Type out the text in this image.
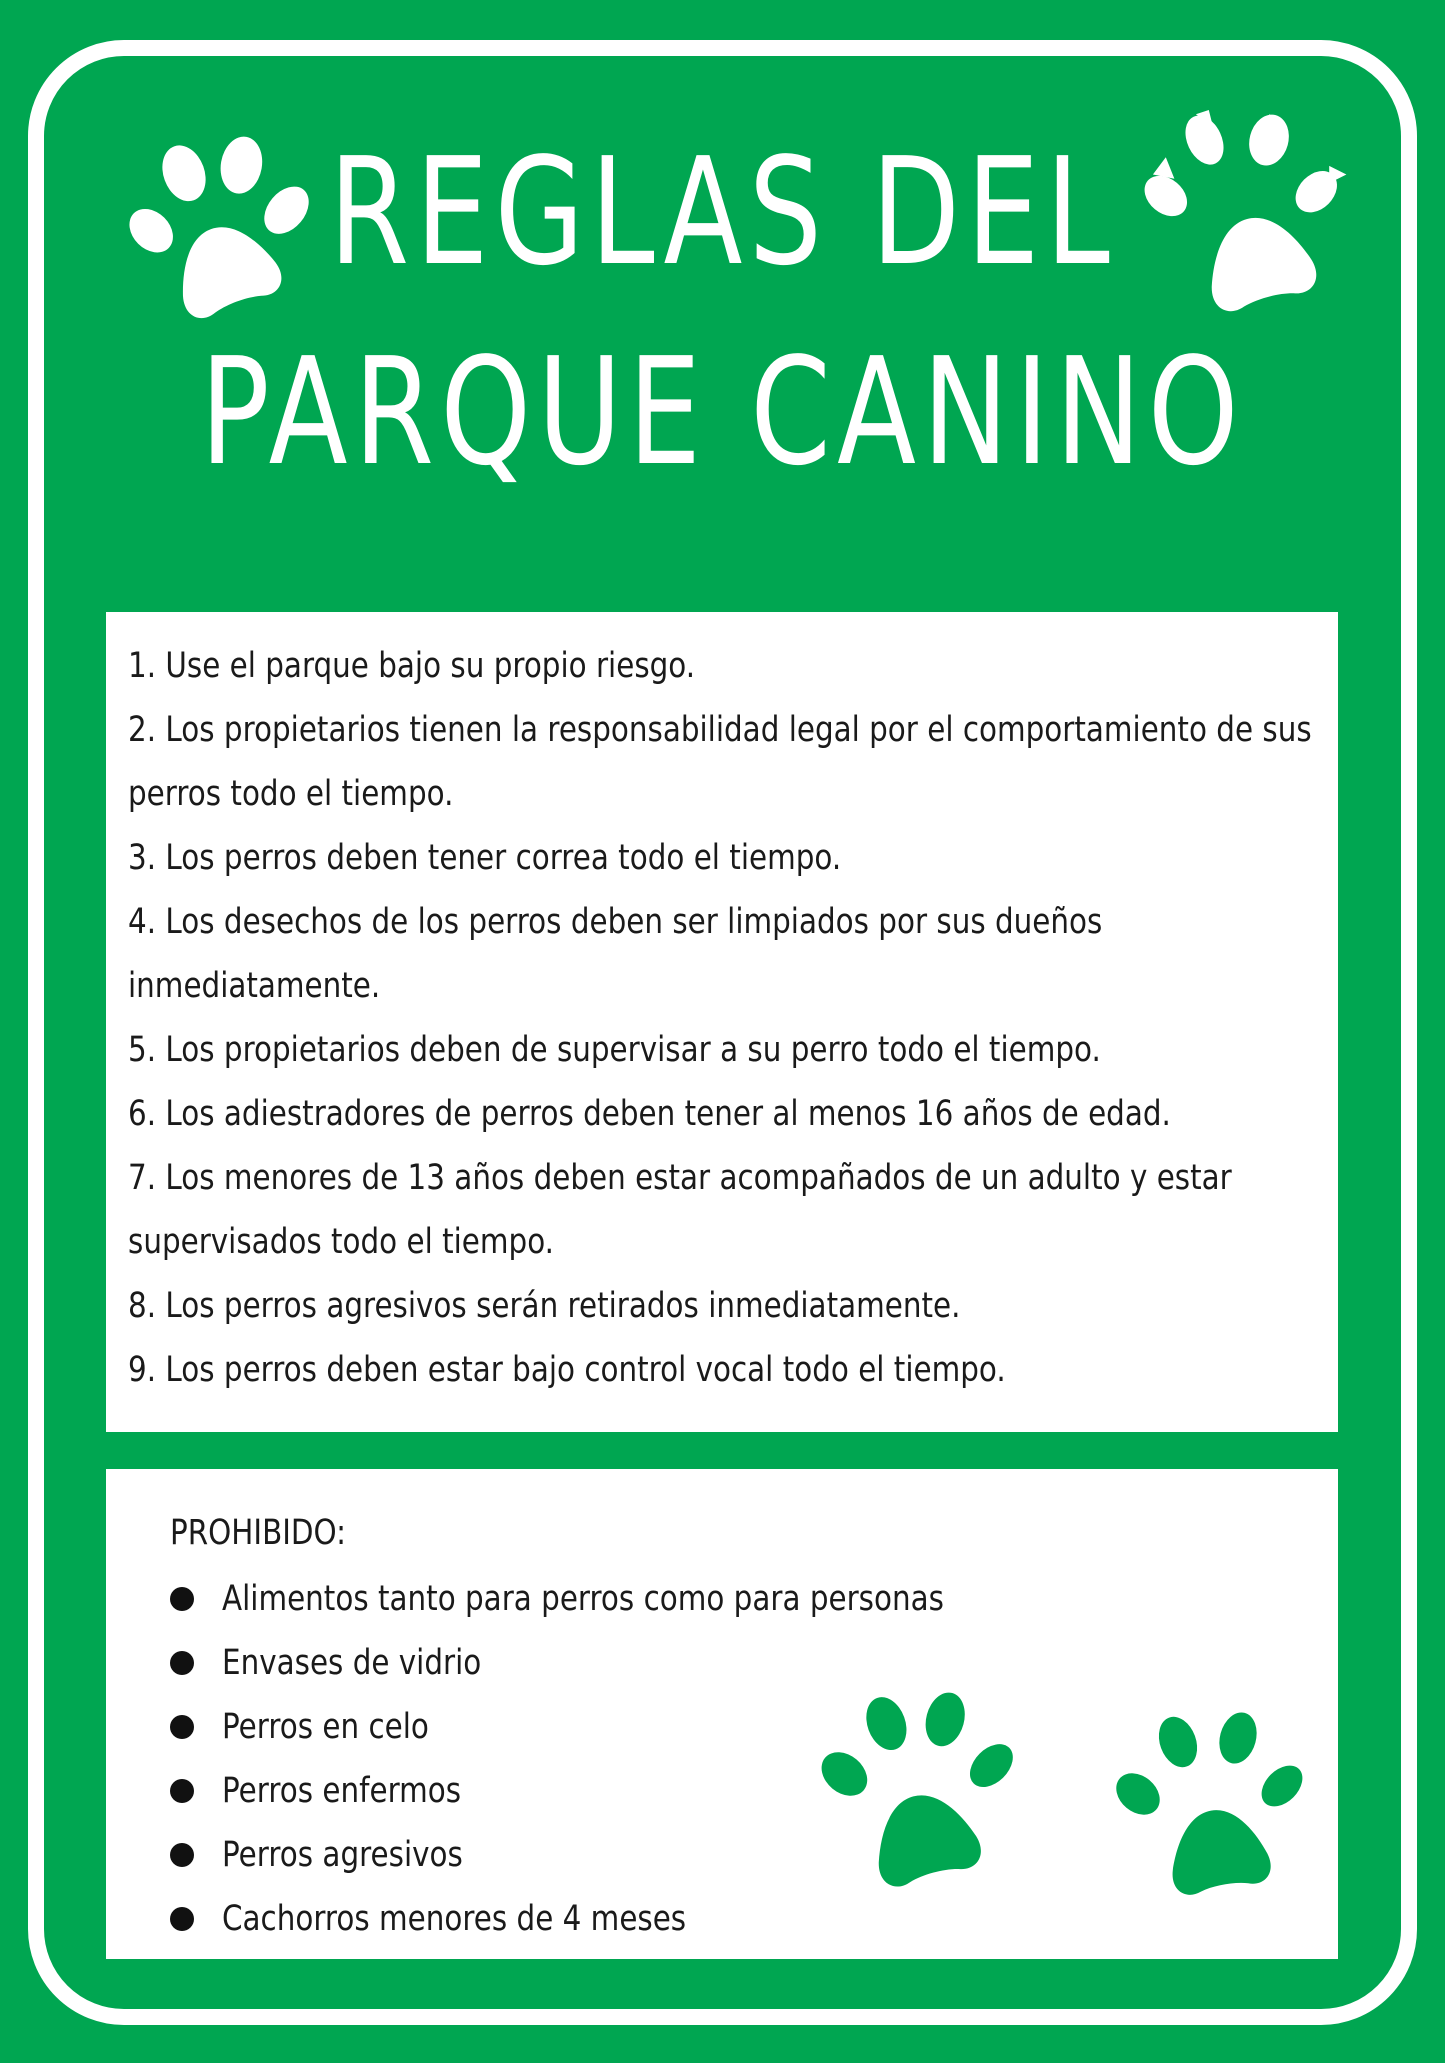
REGLAS DEL
PARQUE CANINO
1. Use el parque bajo su propio riesgo.
2. Los propietarios tienen la responsabilidad legal por el comportamiento de sus perros todo el tiempo.
3. Los perros deben tener correa todo el tiempo.
4. Los desechos de los perros deben ser limpiados por sus dueños inmediatamente.
5. Los propietarios deben de supervisar a su perro todo el tiempo.
6. Los adiestradores de perros deben tener al menos 16 años de edad.
7. Los menores de 13 años deben estar acompañados de un adulto y estar supervisados todo el tiempo.
8. Los perros agresivos serán retirados inmediatamente.
9. Los perros deben estar bajo control vocal todo el tiempo.
PROHIBIDO:
Alimentos tanto para perros como para personas
Envases de vidrio
Perros en celo
Perros enfermos
Perros agresivos
Cachorros menores de 4 meses
